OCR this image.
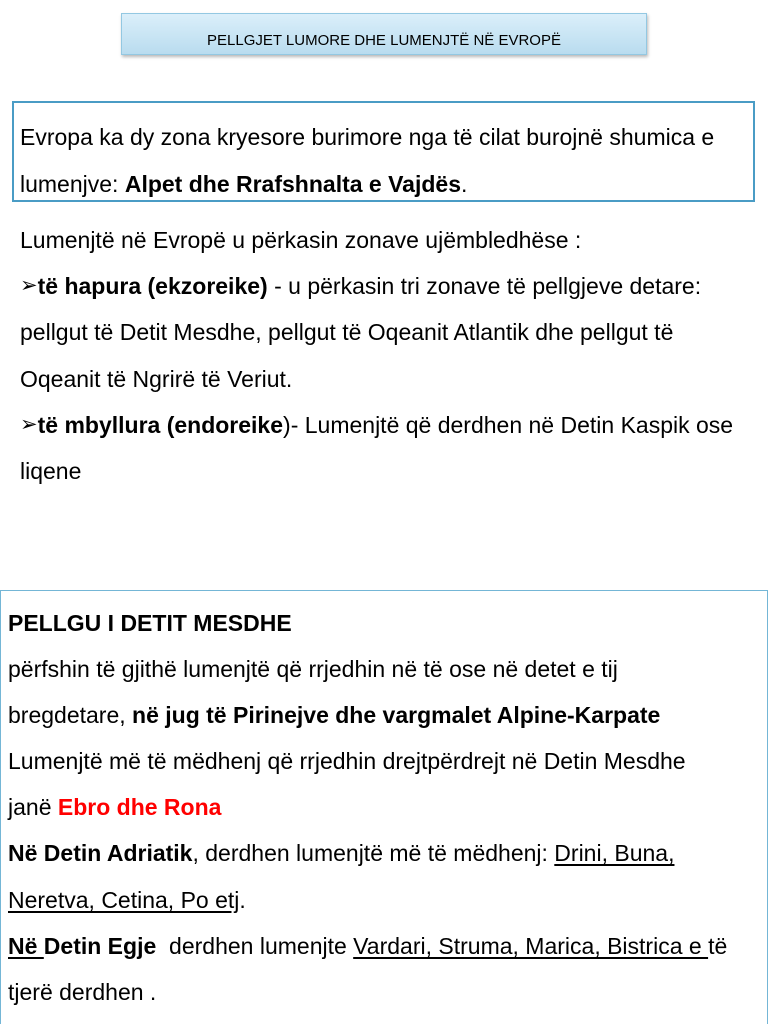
PELLGJET LUMORE DHE LUMENJTË NË EVROPË
Evropa ka dy zona kryesore burimore nga të cilat burojnë shumica e
lumenjve: Alpet dhe Rrafshnalta e Vajdës.
Lumenjtë në Evropë u përkasin zonave ujëmbledhëse :
➢të hapura (ekzoreike) - u përkasin tri zonave të pellgjeve detare:
pellgut të Detit Mesdhe, pellgut të Oqeanit Atlantik dhe pellgut të
Oqeanit të Ngrirë të Veriut.
➢të mbyllura (endoreike)- Lumenjtë që derdhen në Detin Kaspik ose
liqene
PELLGU I DETIT MESDHE
përfshin të gjithë lumenjtë që rrjedhin në të ose në detet e tij
bregdetare, në jug të Pirinejve dhe vargmalet Alpine-Karpate
Lumenjtë më të mëdhenj që rrjedhin drejtpërdrejt në Detin Mesdhe
janë Ebro dhe Rona
Në Detin Adriatik, derdhen lumenjtë më të mëdhenj: Drini, Buna,
Neretva, Cetina, Po etj.
Në Detin Egje  derdhen lumenjte Vardari, Struma, Marica, Bistrica e të
tjerë derdhen .
